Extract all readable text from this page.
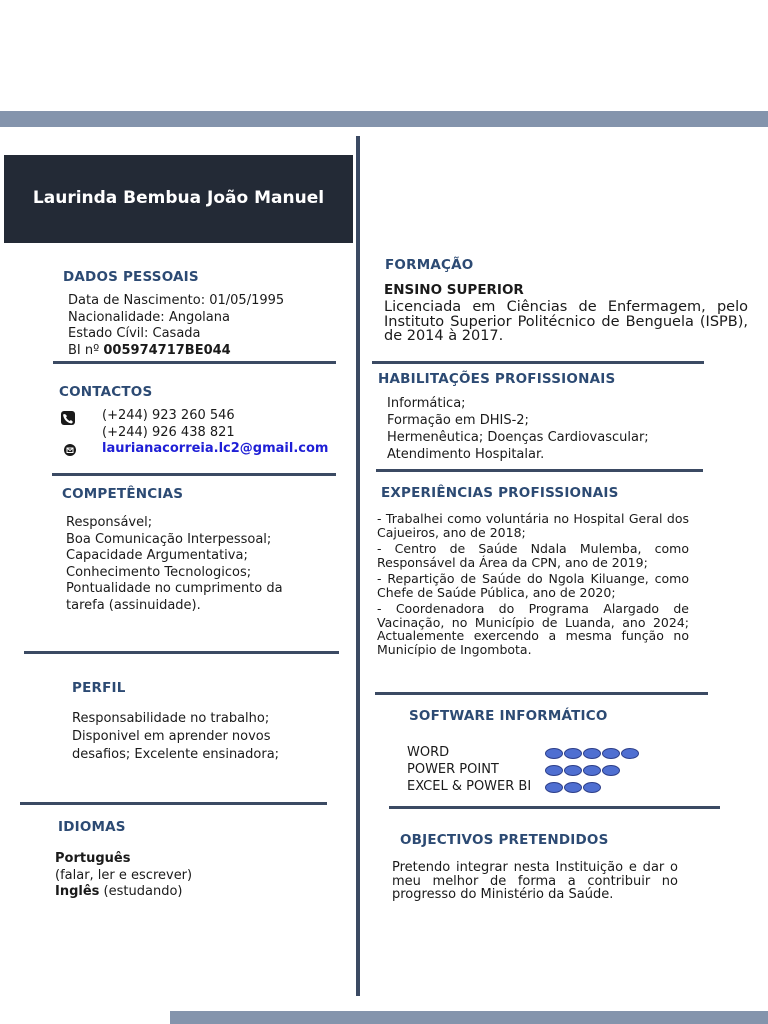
Laurinda Bembua João Manuel
DADOS PESSOAIS
Data de Nascimento: 01/05/1995
Nacionalidade: Angolana
Estado Cívil: Casada
BI nº 005974717BE044
CONTACTOS
(+244) 923 260 546
(+244) 926 438 821
laurianacorreia.lc2@gmail.com
COMPETÊNCIAS
Responsável;
Boa Comunicação Interpessoal;
Capacidade Argumentativa;
Conhecimento Tecnologicos;
Pontualidade no cumprimento da
tarefa (assinuidade).
PERFIL
Responsabilidade no trabalho;
Disponivel em aprender novos
desafios; Excelente ensinadora;
IDIOMAS
Português
(falar, ler e escrever)
Inglês (estudando)
FORMAÇÃO
ENSINO SUPERIOR
Licenciada em Ciências de Enfermagem, pelo Instituto Superior Politécnico de Benguela (ISPB), de 2014 à 2017.
HABILITAÇÕES PROFISSIONAIS
Informática;
Formação em DHIS-2;
Hermenêutica; Doenças Cardiovascular;
Atendimento Hospitalar.
EXPERIÊNCIAS PROFISSIONAIS
- Trabalhei como voluntária no Hospital Geral dos Cajueiros, ano de 2018;
- Centro de Saúde Ndala Mulemba, como Responsável da Área da CPN, ano de 2019;
- Repartição de Saúde do Ngola Kiluange, como Chefe de Saúde Pública, ano de 2020;
- Coordenadora do Programa Alargado de Vacinação, no Município de Luanda, ano 2024; Actualemente exercendo a mesma função no Município de Ingombota.
SOFTWARE INFORMÁTICO
WORD
POWER POINT
EXCEL & POWER BI
OBJECTIVOS PRETENDIDOS
Pretendo integrar nesta Instituição e dar o meu melhor de forma a contribuir no progresso do Ministério da Saúde.
